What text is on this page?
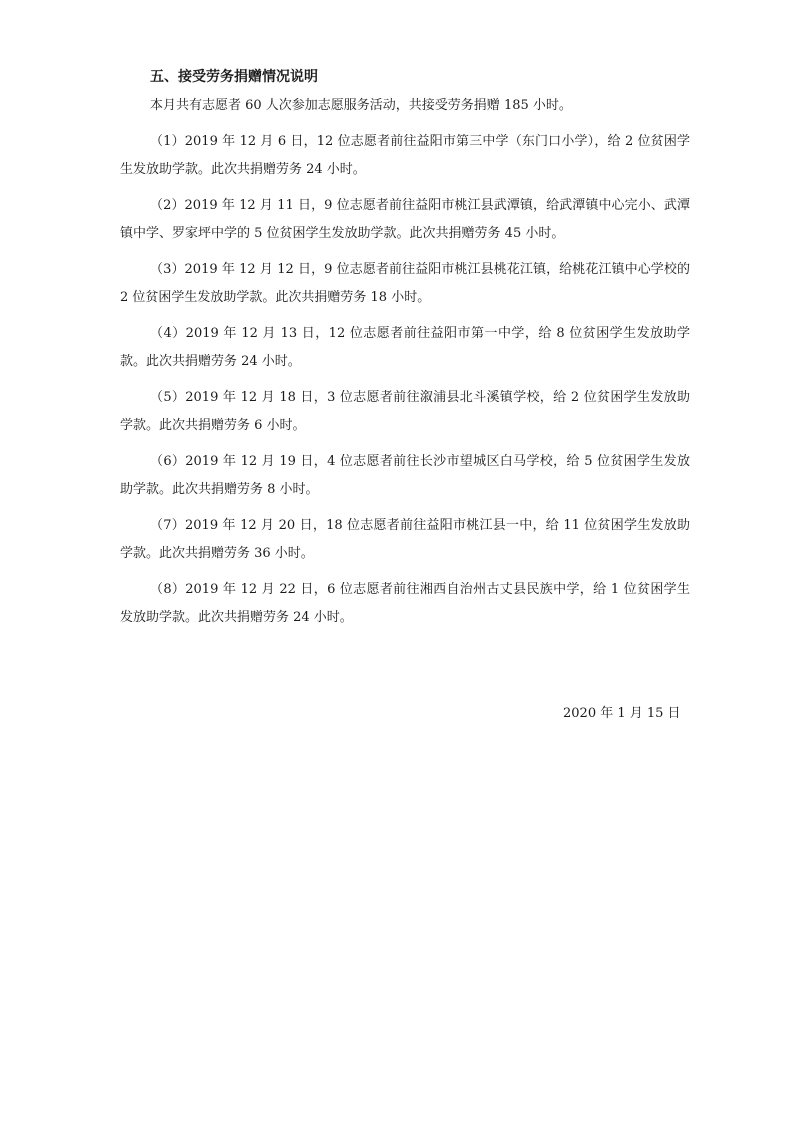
五、接受劳务捐赠情况说明

本月共有志愿者 60 人次参加志愿服务活动，共接受劳务捐赠 185 小时。

（1）2019 年 12 月 6 日，12 位志愿者前往益阳市第三中学（东门口小学），给 2 位贫困学生发放助学款。此次共捐赠劳务 24 小时。

（2）2019 年 12 月 11 日，9 位志愿者前往益阳市桃江县武潭镇，给武潭镇中心完小、武潭镇中学、罗家坪中学的 5 位贫困学生发放助学款。此次共捐赠劳务 45 小时。

（3）2019 年 12 月 12 日，9 位志愿者前往益阳市桃江县桃花江镇，给桃花江镇中心学校的 2 位贫困学生发放助学款。此次共捐赠劳务 18 小时。

（4）2019 年 12 月 13 日，12 位志愿者前往益阳市第一中学，给 8 位贫困学生发放助学款。此次共捐赠劳务 24 小时。

（5）2019 年 12 月 18 日，3 位志愿者前往溆浦县北斗溪镇学校，给 2 位贫困学生发放助学款。此次共捐赠劳务 6 小时。

（6）2019 年 12 月 19 日，4 位志愿者前往长沙市望城区白马学校，给 5 位贫困学生发放助学款。此次共捐赠劳务 8 小时。

（7）2019 年 12 月 20 日，18 位志愿者前往益阳市桃江县一中，给 11 位贫困学生发放助学款。此次共捐赠劳务 36 小时。

（8）2019 年 12 月 22 日，6 位志愿者前往湘西自治州古丈县民族中学，给 1 位贫困学生发放助学款。此次共捐赠劳务 24 小时。

2020 年 1 月 15 日
